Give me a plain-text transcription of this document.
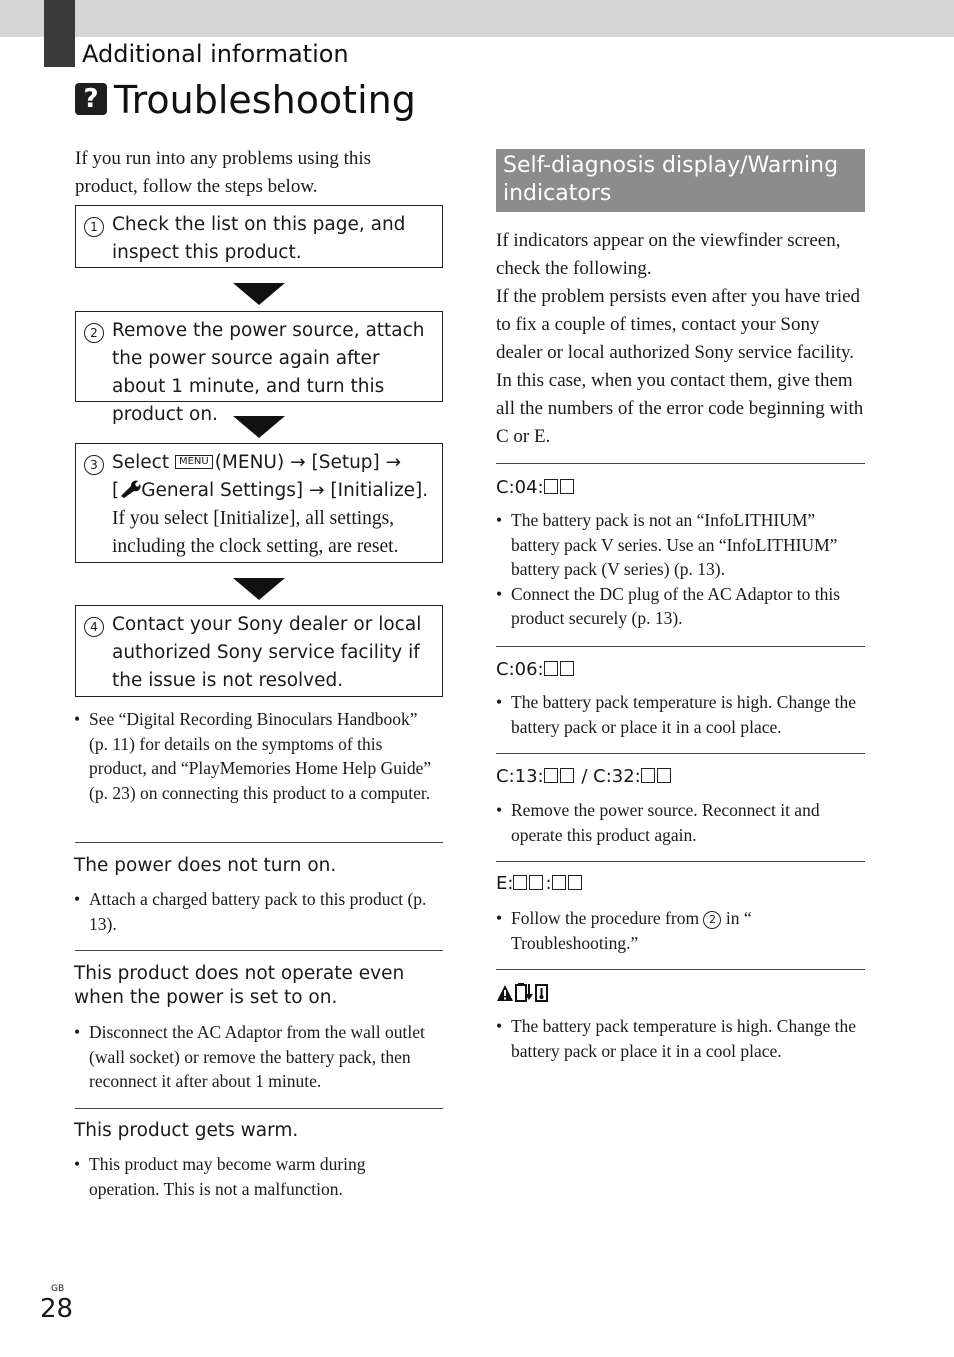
Additional information
? Troubleshooting

If you run into any problems using this product, follow the steps below.

1 Check the list on this page, and inspect this product.
2 Remove the power source, attach the power source again after about 1 minute, and turn this product on.
3 Select MENU (MENU) → [Setup] →
[ General Settings] → [Initialize].
If you select [Initialize], all settings, including the clock setting, are reset.
4 Contact your Sony dealer or local authorized Sony service facility if the issue is not resolved.
• See “Digital Recording Binoculars Handbook” (p. 11) for details on the symptoms of this product, and “PlayMemories Home Help Guide” (p. 23) on connecting this product to a computer.
The power does not turn on.
• Attach a charged battery pack to this product (p. 13).
This product does not operate even when the power is set to on.
• Disconnect the AC Adaptor from the wall outlet (wall socket) or remove the battery pack, then reconnect it after about 1 minute.
This product gets warm.
• This product may become warm during operation. This is not a malfunction.
Self-diagnosis display/Warning indicators

If indicators appear on the viewfinder screen, check the following.
If the problem persists even after you have tried to fix a couple of times, contact your Sony dealer or local authorized Sony service facility. In this case, when you contact them, give them all the numbers of the error code beginning with C or E.

C:04:
• The battery pack is not an “InfoLITHIUM” battery pack V series. Use an “InfoLITHIUM” battery pack (V series) (p. 13).
• Connect the DC plug of the AC Adaptor to this product securely (p. 13).
C:06:
• The battery pack temperature is high. Change the battery pack or place it in a cool place.
C:13: / C:32:
• Remove the power source. Reconnect it and operate this product again.
E: :
• Follow the procedure from 2 in “ Troubleshooting.”
• The battery pack temperature is high. Change the battery pack or place it in a cool place.
GB
28
